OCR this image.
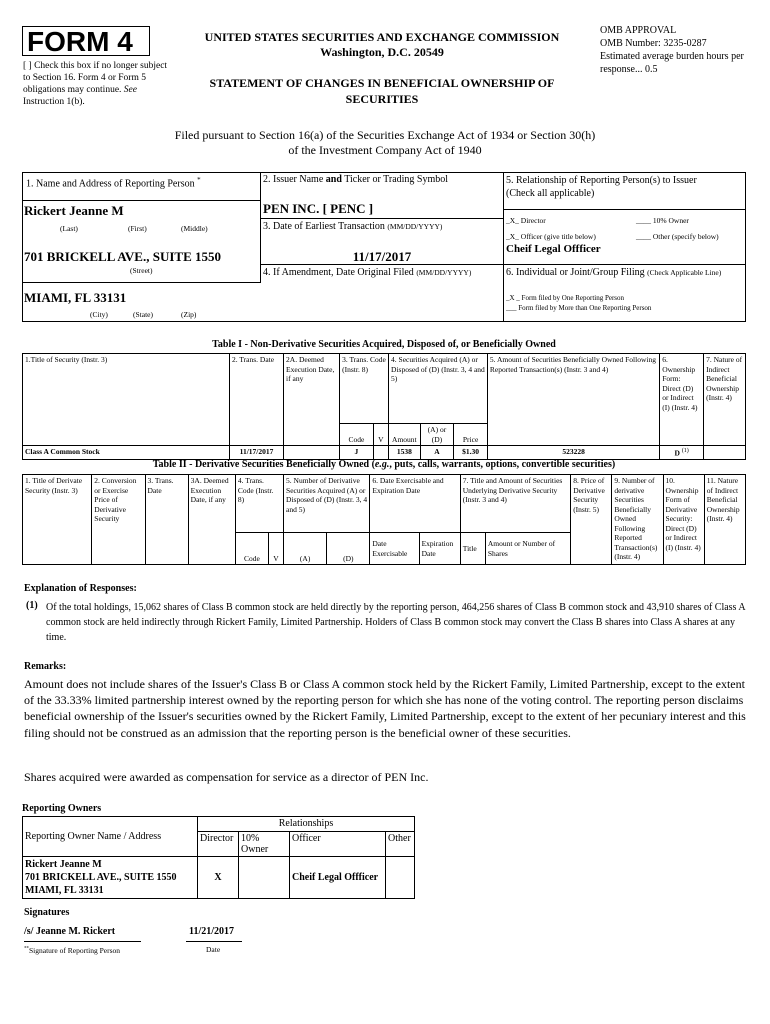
FORM 4
[ ] Check this box if no longer subject to Section 16. Form 4 or Form 5 obligations may continue. See Instruction 1(b).
UNITED STATES SECURITIES AND EXCHANGE COMMISSION
Washington, D.C. 20549
STATEMENT OF CHANGES IN BENEFICIAL OWNERSHIP OF SECURITIES
OMB APPROVAL
OMB Number: 3235-0287
Estimated average burden hours per response... 0.5
Filed pursuant to Section 16(a) of the Securities Exchange Act of 1934 or Section 30(h) of the Investment Company Act of 1940
1. Name and Address of Reporting Person *
Rickert Jeanne M
(Last)	(First)	(Middle)
701 BRICKELL AVE., SUITE 1550
(Street)
MIAMI, FL 33131
(City)	(State)	(Zip)
2. Issuer Name and Ticker or Trading Symbol
PEN INC. [ PENC ]
3. Date of Earliest Transaction (MM/DD/YYYY)
11/17/2017
4. If Amendment, Date Original Filed (MM/DD/YYYY)
5. Relationship of Reporting Person(s) to Issuer
(Check all applicable)
_X_ Director	____ 10% Owner
_X_ Officer (give title below)	____ Other (specify below)
Cheif Legal Offficer
6. Individual or Joint/Group Filing (Check Applicable Line)
_X _ Form filed by One Reporting Person
___ Form filed by More than One Reporting Person
Table I - Non-Derivative Securities Acquired, Disposed of, or Beneficially Owned
1.Title of Security (Instr. 3)	2. Trans. Date	2A. Deemed Execution Date, if any	3. Trans. Code (Instr. 8)		4. Securities Acquired (A) or Disposed of (D) (Instr. 3, 4 and 5)			5. Amount of Securities Beneficially Owned Following Reported Transaction(s) (Instr. 3 and 4)	6. Ownership Form: Direct (D) or Indirect (I) (Instr. 4)	7. Nature of Indirect Beneficial Ownership (Instr. 4)
			Code	V	Amount	(A) or (D)	Price			
Class A Common Stock	11/17/2017		J		1538	A	$1.30	523228	D $^{(1)}$	
Table II - Derivative Securities Beneficially Owned (e.g., puts, calls, warrants, options, convertible securities)
1. Title of Derivate Security (Instr. 3)	2. Conversion or Exercise Price of Derivative Security	3. Trans. Date	3A. Deemed Execution Date, if any	4. Trans. Code (Instr. 8)		5. Number of Derivative Securities Acquired (A) or Disposed of (D) (Instr. 3, 4 and 5)		6. Date Exercisable and Expiration Date		7. Title and Amount of Securities Underlying Derivative Security (Instr. 3 and 4)		8. Price of Derivative Security (Instr. 5)	9. Number of derivative Securities Beneficially Owned Following Reported Transaction(s) (Instr. 4)	10. Ownership Form of Derivative Security: Direct (D) or Indirect (I) (Instr. 4)	11. Nature of Indirect Beneficial Ownership (Instr. 4)
				Code	V	(A)	(D)	Date Exercisable	Expiration Date	Title	Amount or Number of Shares				
Explanation of Responses:
(1) Of the total holdings, 15,062 shares of Class B common stock are held directly by the reporting person, 464,256 shares of Class B common stock and 43,910 shares of Class A common stock are held indirectly through Rickert Family, Limited Partnership. Holders of Class B common stock may convert the Class B shares into Class A shares at any time.
Remarks:
Amount does not include shares of the Issuer's Class B or Class A common stock held by the Rickert Family, Limited Partnership, except to the extent of the 33.33% limited partnership interest owned by the reporting person for which she has none of the voting control. The reporting person disclaims beneficial ownership of the Issuer's securities owned by the Rickert Family, Limited Partnership, except to the extent of her pecuniary interest and this filing should not be construed as an admission that the reporting person is the beneficial owner of these securities.
Shares acquired were awarded as compensation for service as a director of PEN Inc.
Reporting Owners
Reporting Owner Name / Address	Relationships			
	Director	10% Owner	Officer	Other

Rickert Jeanne M
701 BRICKELL AVE., SUITE 1550
MIAMI, FL 33131	X		Cheif Legal Offficer	
Signatures
/s/ Jeanne M. Rickert	11/21/2017
**Signature of Reporting Person	Date
